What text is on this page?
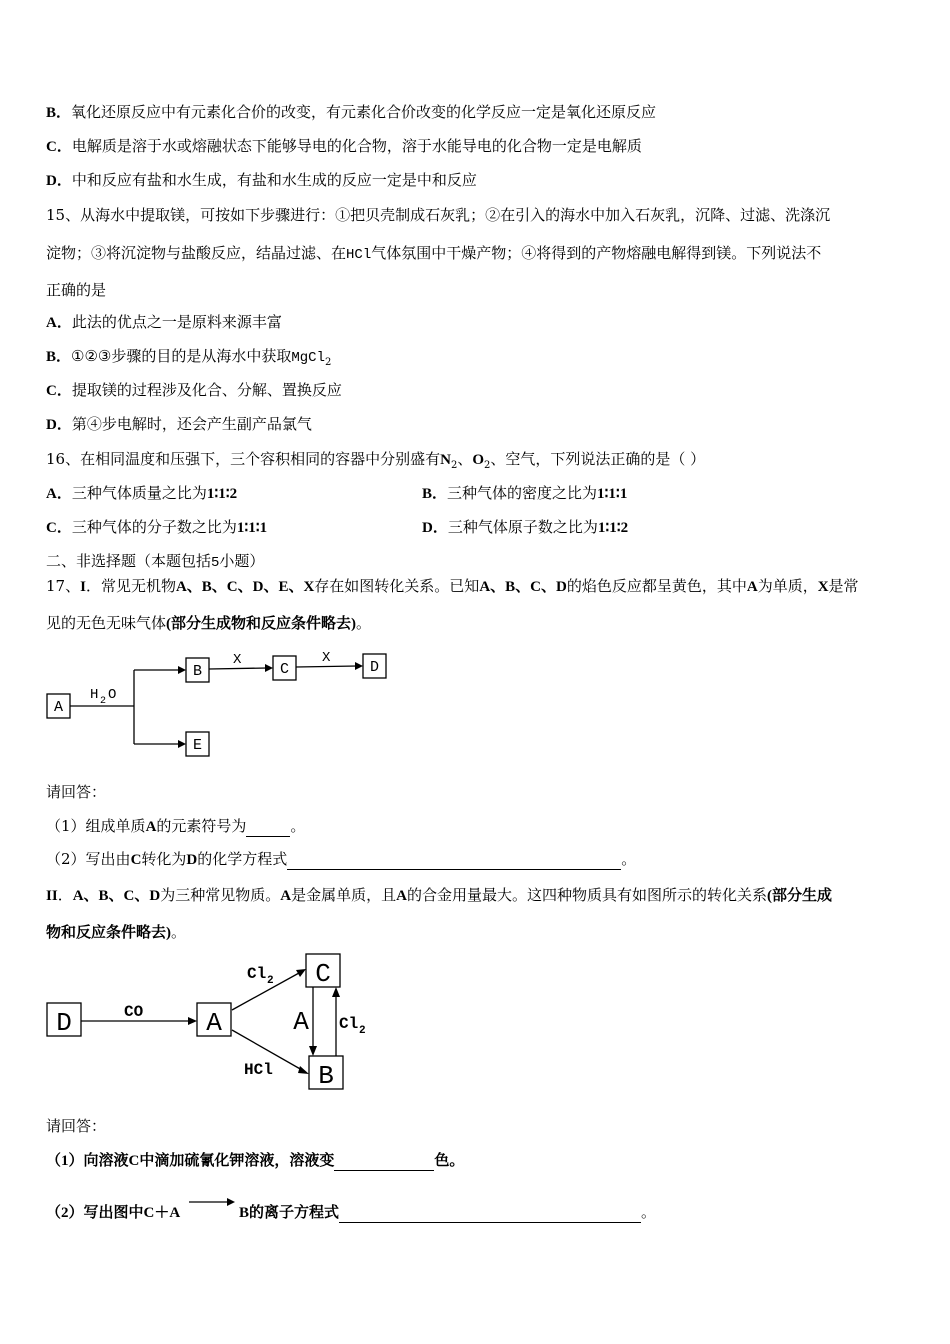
B．氧化还原反应中有元素化合价的改变，有元素化合价改变的化学反应一定是氧化还原反应
C．电解质是溶于水或熔融状态下能够导电的化合物，溶于水能导电的化合物一定是电解质
D．中和反应有盐和水生成，有盐和水生成的反应一定是中和反应
15、从海水中提取镁，可按如下步骤进行：①把贝壳制成石灰乳；②在引入的海水中加入石灰乳，沉降、过滤、洗涤沉
淀物；③将沉淀物与盐酸反应，结晶过滤、在HCl气体氛围中干燥产物；④将得到的产物熔融电解得到镁。下列说法不
正确的是
A．此法的优点之一是原料来源丰富
B．①②③步骤的目的是从海水中获取MgCl$_2$
C．提取镁的过程涉及化合、分解、置换反应
D．第④步电解时，还会产生副产品氯气
16、在相同温度和压强下，三个容积相同的容器中分别盛有$N_2$、$O_2$、空气，下列说法正确的是（ ）
A．三种气体质量之比为1∶1∶2	B．三种气体的密度之比为1∶1∶1
C．三种气体的分子数之比为1∶1∶1	D．三种气体原子数之比为1∶1∶2
二、非选择题（本题包括5小题）
17、I．常见无机物A、B、C、D、E、X存在如图转化关系。已知A、B、C、D的焰色反应都呈黄色，其中A为单质，X是常
见的无色无味气体(部分生成物和反应条件略去)。
A
B	C	D
E
H 2 O
X	X
请回答：
（1）组成单质A的元素符号为	。
（2）写出由C转化为D的化学方程式	。
II．A、B、C、D为三种常见物质。A是金属单质，且A的合金用量最大。这四种物质具有如图所示的转化关系(部分生成
物和反应条件略去)。
D	A
C
B
A
CO
Cl 2
HCl
Cl 2
请回答：
（1）向溶液C中滴加硫氰化钾溶液，溶液变	色。
（2）写出图中C＋A	B的离子方程式	。
